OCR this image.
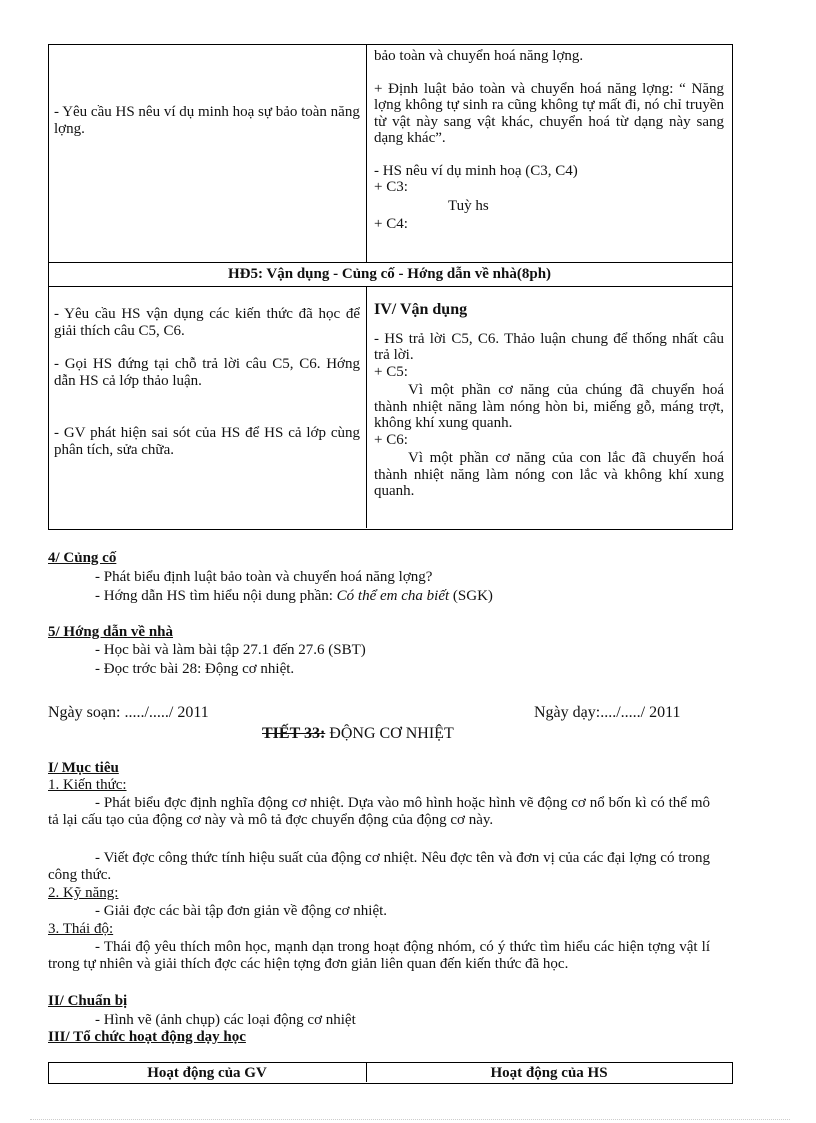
- Yêu cầu HS nêu ví dụ minh hoạ sự bảo toàn năng lợng.

bảo toàn và chuyển hoá năng lợng.

+ Định luật bảo toàn và chuyển hoá năng lợng: “ Năng lợng không tự sinh ra cũng không tự mất đi, nó chỉ truyền từ vật này sang vật khác, chuyển hoá từ dạng này sang dạng khác”.

- HS nêu ví dụ minh hoạ (C3, C4)

+ C3:

Tuỳ hs

+ C4:

HĐ5: Vận dụng - Củng cố - Hớng dẫn về nhà(8ph)

- Yêu cầu HS vận dụng các kiến thức đã học để giải thích câu C5, C6.

- Gọi HS đứng tại chỗ trả lời câu C5, C6. Hớng dẫn HS cả lớp thảo luận.

- GV phát hiện sai sót của HS để HS cả lớp cùng phân tích, sửa chữa.

IV/ Vận dụng

- HS trả lời C5, C6. Thảo luận chung để thống nhất câu trả lời.

+ C5:

Vì một phần cơ năng của chúng đã chuyển hoá thành nhiệt năng làm nóng hòn bi, miếng gỗ, máng trợt, không khí xung quanh.

+ C6:

Vì một phần cơ năng của con lắc đã chuyển hoá thành nhiệt năng làm nóng con lắc và không khí xung quanh.

4/ Củng cố
- Phát biểu định luật bảo toàn và chuyển hoá năng lợng?
- Hớng dẫn HS tìm hiểu nội dung phần: Có thể em cha biết (SGK)
5/ Hớng dẫn về nhà
- Học bài và làm bài tập 27.1 đến 27.6 (SBT)
- Đọc trớc bài 28: Động cơ nhiệt.
Ngày soạn: ...../...../ 2011	Ngày dạy:..../...../ 2011
TIẾT 33: ĐỘNG CƠ NHIỆT
I/ Mục tiêu
1. Kiến thức:
- Phát biểu đợc định nghĩa động cơ nhiệt. Dựa vào mô hình hoặc hình vẽ động cơ nổ bốn kì có thể mô tả lại cấu tạo của động cơ này và mô tả đợc chuyển động của động cơ này.
- Viết đợc công thức tính hiệu suất của động cơ nhiệt. Nêu đợc tên và đơn vị của các đại lợng có trong công thức.
2. Kỹ năng:
- Giải đợc các bài tập đơn giản về động cơ nhiệt.
3. Thái độ:
- Thái độ yêu thích môn học, mạnh dạn trong hoạt động nhóm, có ý thức tìm hiểu các hiện tợng vật lí trong tự nhiên và giải thích đợc các hiện tợng đơn giản liên quan đến kiến thức đã học.
II/ Chuẩn bị
- Hình vẽ (ảnh chụp) các loại động cơ nhiệt
III/ Tổ chức hoạt động dạy học
Hoạt động của GV	Hoạt động của HS
